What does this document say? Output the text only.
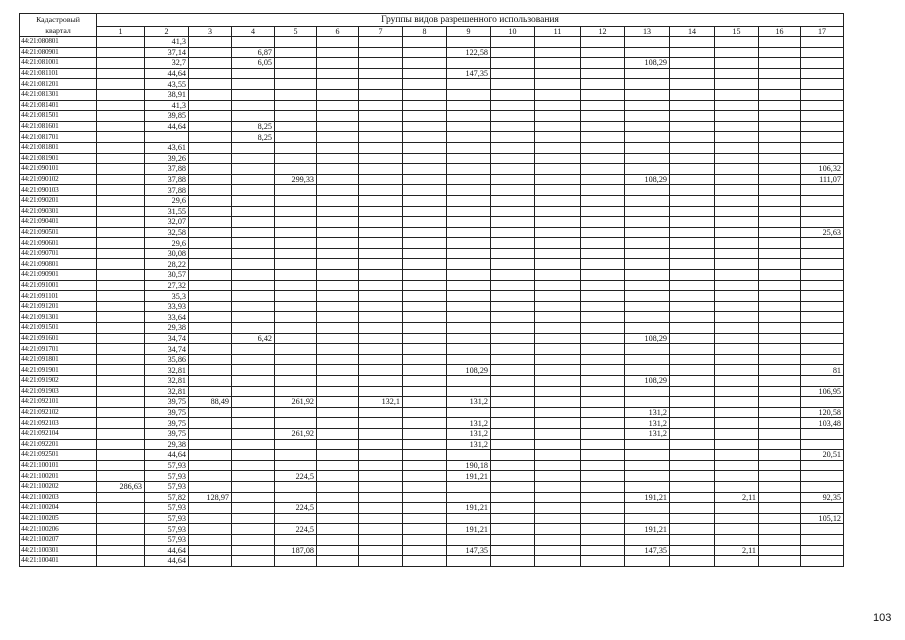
Кадастровый
квартал	Группы видов разрешенного использования																
	1	2	3	4	5	6	7	8	9	10	11	12	13	14	15	16	17
44:21:080801		41,3															
44:21:080901		37,14		6,87					122,58								
44:21:081001		32,7		6,05									108,29				
44:21:081101		44,64							147,35								
44:21:081201		43,55															
44:21:081301		38,91															
44:21:081401		41,3															
44:21:081501		39,85															
44:21:081601		44,64		8,25													
44:21:081701				8,25													
44:21:081801		43,61															
44:21:081901		39,26															
44:21:090101		37,88															106,32
44:21:090102		37,88			299,33								108,29				111,07
44:21:090103		37,88															
44:21:090201		29,6															
44:21:090301		31,55															
44:21:090401		32,07															
44:21:090501		32,58															25,63
44:21:090601		29,6															
44:21:090701		30,08															
44:21:090801		28,22															
44:21:090901		30,57															
44:21:091001		27,32															
44:21:091101		35,3															
44:21:091201		33,93															
44:21:091301		33,64															
44:21:091501		29,38															
44:21:091601		34,74		6,42									108,29				
44:21:091701		34,74															
44:21:091801		35,86															
44:21:091901		32,81							108,29								81
44:21:091902		32,81											108,29				
44:21:091903		32,81															106,95
44:21:092101		39,75	88,49		261,92		132,1		131,2								
44:21:092102		39,75											131,2				120,58
44:21:092103		39,75							131,2				131,2				103,48
44:21:092104		39,75			261,92				131,2				131,2				
44:21:092201		29,38							131,2								
44:21:092501		44,64															20,51
44:21:100101		57,93							190,18								
44:21:100201		57,93			224,5				191,21								
44:21:100202	286,63	57,93															
44:21:100203		57,82	128,97										191,21		2,11		92,35
44:21:100204		57,93			224,5				191,21								
44:21:100205		57,93															105,12
44:21:100206		57,93			224,5				191,21				191,21				
44:21:100207		57,93															
44:21:100301		44,64			187,08				147,35				147,35		2,11		
44:21:100401		44,64															
103
